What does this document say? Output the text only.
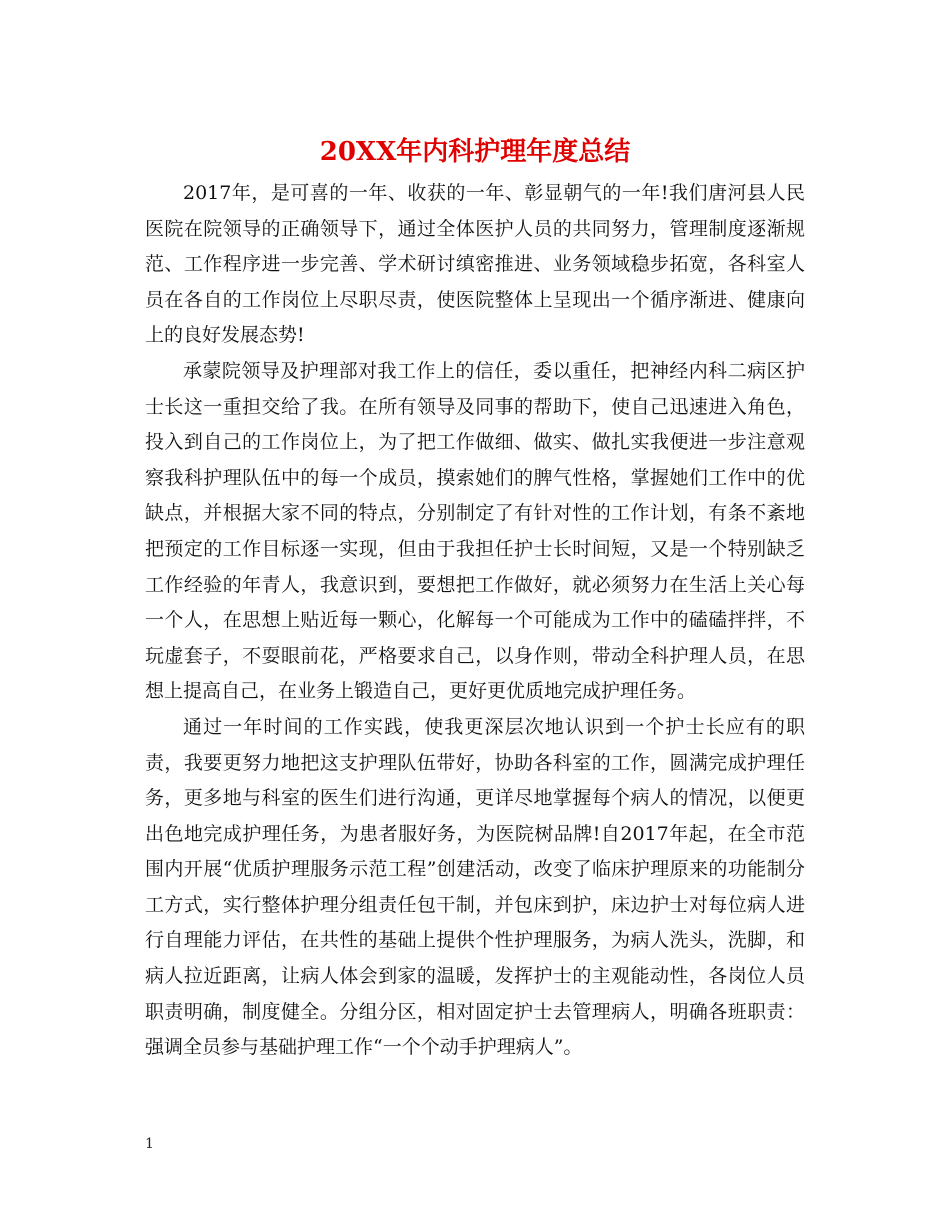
20XX年内科护理年度总结

2017年，是可喜的一年、收获的一年、彰显朝气的一年!我们唐河县人民医院在院领导的正确领导下，通过全体医护人员的共同努力，管理制度逐渐规范、工作程序进一步完善、学术研讨缜密推进、业务领域稳步拓宽，各科室人员在各自的工作岗位上尽职尽责，使医院整体上呈现出一个循序渐进、健康向上的良好发展态势!

承蒙院领导及护理部对我工作上的信任，委以重任，把神经内科二病区护士长这一重担交给了我。在所有领导及同事的帮助下，使自己迅速进入角色，投入到自己的工作岗位上，为了把工作做细、做实、做扎实我便进一步注意观察我科护理队伍中的每一个成员，摸索她们的脾气性格，掌握她们工作中的优缺点，并根据大家不同的特点，分别制定了有针对性的工作计划，有条不紊地把预定的工作目标逐一实现，但由于我担任护士长时间短，又是一个特别缺乏工作经验的年青人，我意识到，要想把工作做好，就必须努力在生活上关心每一个人，在思想上贴近每一颗心，化解每一个可能成为工作中的磕磕拌拌，不玩虚套子，不耍眼前花，严格要求自己，以身作则，带动全科护理人员，在思想上提高自己，在业务上锻造自己，更好更优质地完成护理任务。

通过一年时间的工作实践，使我更深层次地认识到一个护士长应有的职责，我要更努力地把这支护理队伍带好，协助各科室的工作，圆满完成护理任务，更多地与科室的医生们进行沟通，更详尽地掌握每个病人的情况，以便更出色地完成护理任务，为患者服好务，为医院树品牌!自2017年起，在全市范围内开展“优质护理服务示范工程”创建活动，改变了临床护理原来的功能制分工方式，实行整体护理分组责任包干制，并包床到护，床边护士对每位病人进行自理能力评估，在共性的基础上提供个性护理服务，为病人洗头，洗脚，和病人拉近距离，让病人体会到家的温暖，发挥护士的主观能动性，各岗位人员职责明确，制度健全。分组分区，相对固定护士去管理病人，明确各班职责：强调全员参与基础护理工作“一个个动手护理病人”。

1
